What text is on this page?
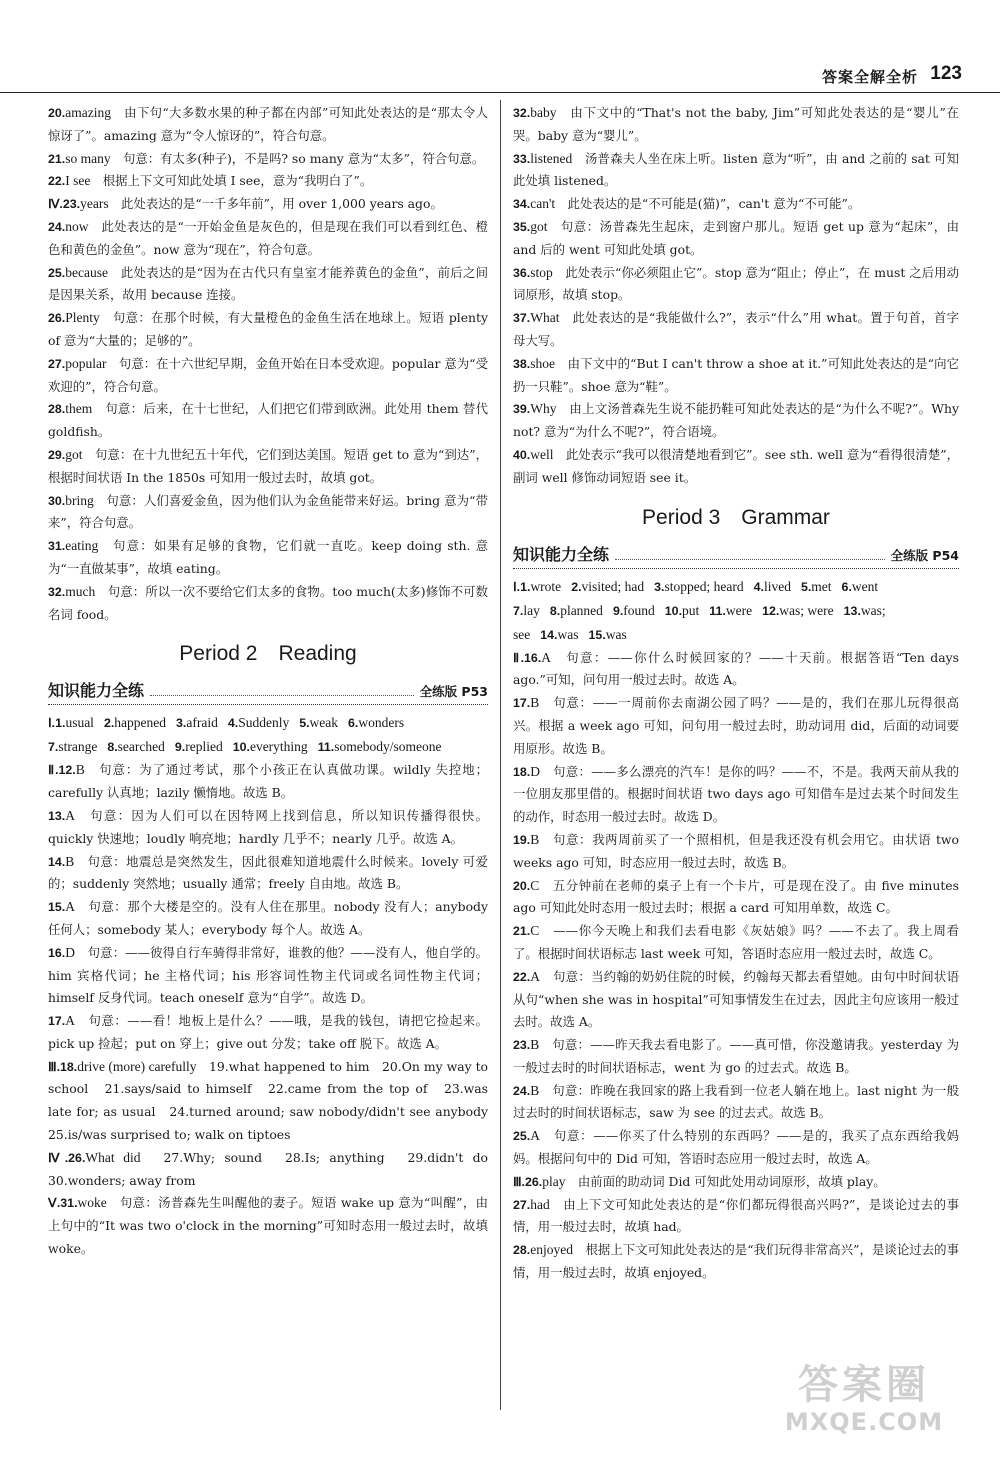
答案全解全析 123
20.amazing　由下句“大多数水果的种子都在内部”可知此处表达的是“那太令人惊讶了”。amazing 意为“令人惊讶的”，符合句意。
21.so many　句意：有太多(种子)，不是吗? so many 意为“太多”，符合句意。
22.I see　根据上下文可知此处填 I see，意为“我明白了”。
Ⅳ.23.years　此处表达的是“一千多年前”，用 over 1,000 years ago。
24.now　此处表达的是“一开始金鱼是灰色的，但是现在我们可以看到红色、橙色和黄色的金鱼”。now 意为“现在”，符合句意。
25.because　此处表达的是“因为在古代只有皇室才能养黄色的金鱼”，前后之间是因果关系，故用 because 连接。
26.Plenty　句意：在那个时候，有大量橙色的金鱼生活在地球上。短语 plenty of 意为“大量的；足够的”。
27.popular　句意：在十六世纪早期，金鱼开始在日本受欢迎。popular 意为“受欢迎的”，符合句意。
28.them　句意：后来，在十七世纪，人们把它们带到欧洲。此处用 them 替代 goldfish。
29.got　句意：在十九世纪五十年代，它们到达美国。短语 get to 意为“到达”，根据时间状语 In the 1850s 可知用一般过去时，故填 got。
30.bring　句意：人们喜爱金鱼，因为他们认为金鱼能带来好运。bring 意为“带来”，符合句意。
31.eating　句意：如果有足够的食物，它们就一直吃。keep doing sth. 意为“一直做某事”，故填 eating。
32.much　句意：所以一次不要给它们太多的食物。too much(太多)修饰不可数名词 food。
Period 2　Reading
知识能力全练	全练版 P53
Ⅰ.1.usual 2.happened 3.afraid 4.Suddenly 5.weak 6.wonders
7.strange 8.searched 9.replied 10.everything 11.somebody/someone
Ⅱ.12.B　句意：为了通过考试，那个小孩正在认真做功课。wildly 失控地；carefully 认真地；lazily 懒惰地。故选 B。
13.A　句意：因为人们可以在因特网上找到信息，所以知识传播得很快。quickly 快速地；loudly 响亮地；hardly 几乎不；nearly 几乎。故选 A。
14.B　句意：地震总是突然发生，因此很难知道地震什么时候来。lovely 可爱的；suddenly 突然地；usually 通常；freely 自由地。故选 B。
15.A　句意：那个大楼是空的。没有人住在那里。nobody 没有人；anybody 任何人；somebody 某人；everybody 每个人。故选 A。
16.D　句意：——彼得自行车骑得非常好，谁教的他？——没有人，他自学的。him 宾格代词；he 主格代词；his 形容词性物主代词或名词性物主代词；himself 反身代词。teach oneself 意为“自学”。故选 D。
17.A　句意：——看！地板上是什么？——哦，是我的钱包，请把它捡起来。pick up 捡起；put on 穿上；give out 分发；take off 脱下。故选 A。
Ⅲ.18.drive (more) carefully　19.what happened to him　20.On my way to school　21.says/said to himself　22.came from the top of　23.was late for; as usual　24.turned around; saw nobody/didn't see anybody　25.is/was surprised to; walk on tiptoes
Ⅳ.26.What did　27.Why; sound　28.Is; anything　29.didn't do　30.wonders; away from
Ⅴ.31.woke　句意：汤普森先生叫醒他的妻子。短语 wake up 意为“叫醒”，由上句中的“It was two o'clock in the morning”可知时态用一般过去时，故填 woke。
32.baby　由下文中的“That's not the baby, Jim”可知此处表达的是“婴儿”在哭。baby 意为“婴儿”。
33.listened　汤普森夫人坐在床上听。listen 意为“听”，由 and 之前的 sat 可知此处填 listened。
34.can't　此处表达的是“不可能是(猫)”，can't 意为“不可能”。
35.got　句意：汤普森先生起床，走到窗户那儿。短语 get up 意为“起床”，由 and 后的 went 可知此处填 got。
36.stop　此处表示“你必须阻止它”。stop 意为“阻止；停止”，在 must 之后用动词原形，故填 stop。
37.What　此处表达的是“我能做什么?”，表示“什么”用 what。置于句首，首字母大写。
38.shoe　由下文中的“But I can't throw a shoe at it.”可知此处表达的是“向它扔一只鞋”。shoe 意为“鞋”。
39.Why　由上文汤普森先生说不能扔鞋可知此处表达的是“为什么不呢?”。Why not? 意为“为什么不呢?”，符合语境。
40.well　此处表示“我可以很清楚地看到它”。see sth. well 意为“看得很清楚”，副词 well 修饰动词短语 see it。
Period 3　Grammar
知识能力全练	全练版 P54
Ⅰ.1.wrote 2.visited; had 3.stopped; heard 4.lived 5.met 6.went
7.lay 8.planned 9.found 10.put 11.were 12.was; were 13.was;
see 14.was 15.was
Ⅱ.16.A　句意：——你什么时候回家的？——十天前。根据答语“Ten days ago.”可知，问句用一般过去时。故选 A。
17.B　句意：——一周前你去南湖公园了吗？——是的，我们在那儿玩得很高兴。根据 a week ago 可知，问句用一般过去时，助动词用 did，后面的动词要用原形。故选 B。
18.D　句意：——多么漂亮的汽车！是你的吗？——不，不是。我两天前从我的一位朋友那里借的。根据时间状语 two days ago 可知借车是过去某个时间发生的动作，时态用一般过去时。故选 D。
19.B　句意：我两周前买了一个照相机，但是我还没有机会用它。由状语 two weeks ago 可知，时态应用一般过去时，故选 B。
20.C　五分钟前在老师的桌子上有一个卡片，可是现在没了。由 five minutes ago 可知此处时态用一般过去时；根据 a card 可知用单数，故选 C。
21.C　——你今天晚上和我们去看电影《灰姑娘》吗？——不去了。我上周看了。根据时间状语标志 last week 可知，答语时态应用一般过去时，故选 C。
22.A　句意：当约翰的奶奶住院的时候，约翰每天都去看望她。由句中时间状语从句“when she was in hospital”可知事情发生在过去，因此主句应该用一般过去时。故选 A。
23.B　句意：——昨天我去看电影了。——真可惜，你没邀请我。yesterday 为一般过去时的时间状语标志，went 为 go 的过去式。故选 B。
24.B　句意：昨晚在我回家的路上我看到一位老人躺在地上。last night 为一般过去时的时间状语标志，saw 为 see 的过去式。故选 B。
25.A　句意：——你买了什么特别的东西吗？——是的，我买了点东西给我妈妈。根据问句中的 Did 可知，答语时态应用一般过去时，故选 A。
Ⅲ.26.play　由前面的助动词 Did 可知此处用动词原形，故填 play。
27.had　由上下文可知此处表达的是“你们都玩得很高兴吗?”，是谈论过去的事情，用一般过去时，故填 had。
28.enjoyed　根据上下文可知此处表达的是“我们玩得非常高兴”，是谈论过去的事情，用一般过去时，故填 enjoyed。
答案圈
MXQE.COM
